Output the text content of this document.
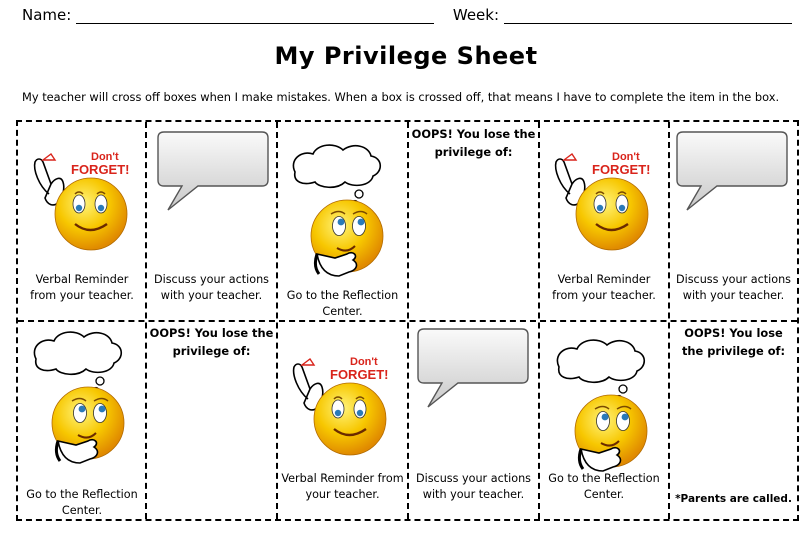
Name:	Week:
My Privilege Sheet
My teacher will cross off boxes when I make mistakes. When a box is crossed off, that means I have to complete the item in the box.
Don't
FORGET!
Verbal Reminder from your teacher.
Discuss your actions with your teacher.	Go to the Reflection Center.
OOPS! You lose the privilege of:	Don't
FORGET!
Verbal Reminder from your teacher.
Discuss your actions with your teacher.
Go to the Reflection Center.
OOPS! You lose the privilege of:
Don't
FORGET!
Verbal Reminder from your teacher.
Discuss your actions with your teacher.
Go to the Reflection Center.
OOPS! You lose the privilege of:
*Parents are called.
